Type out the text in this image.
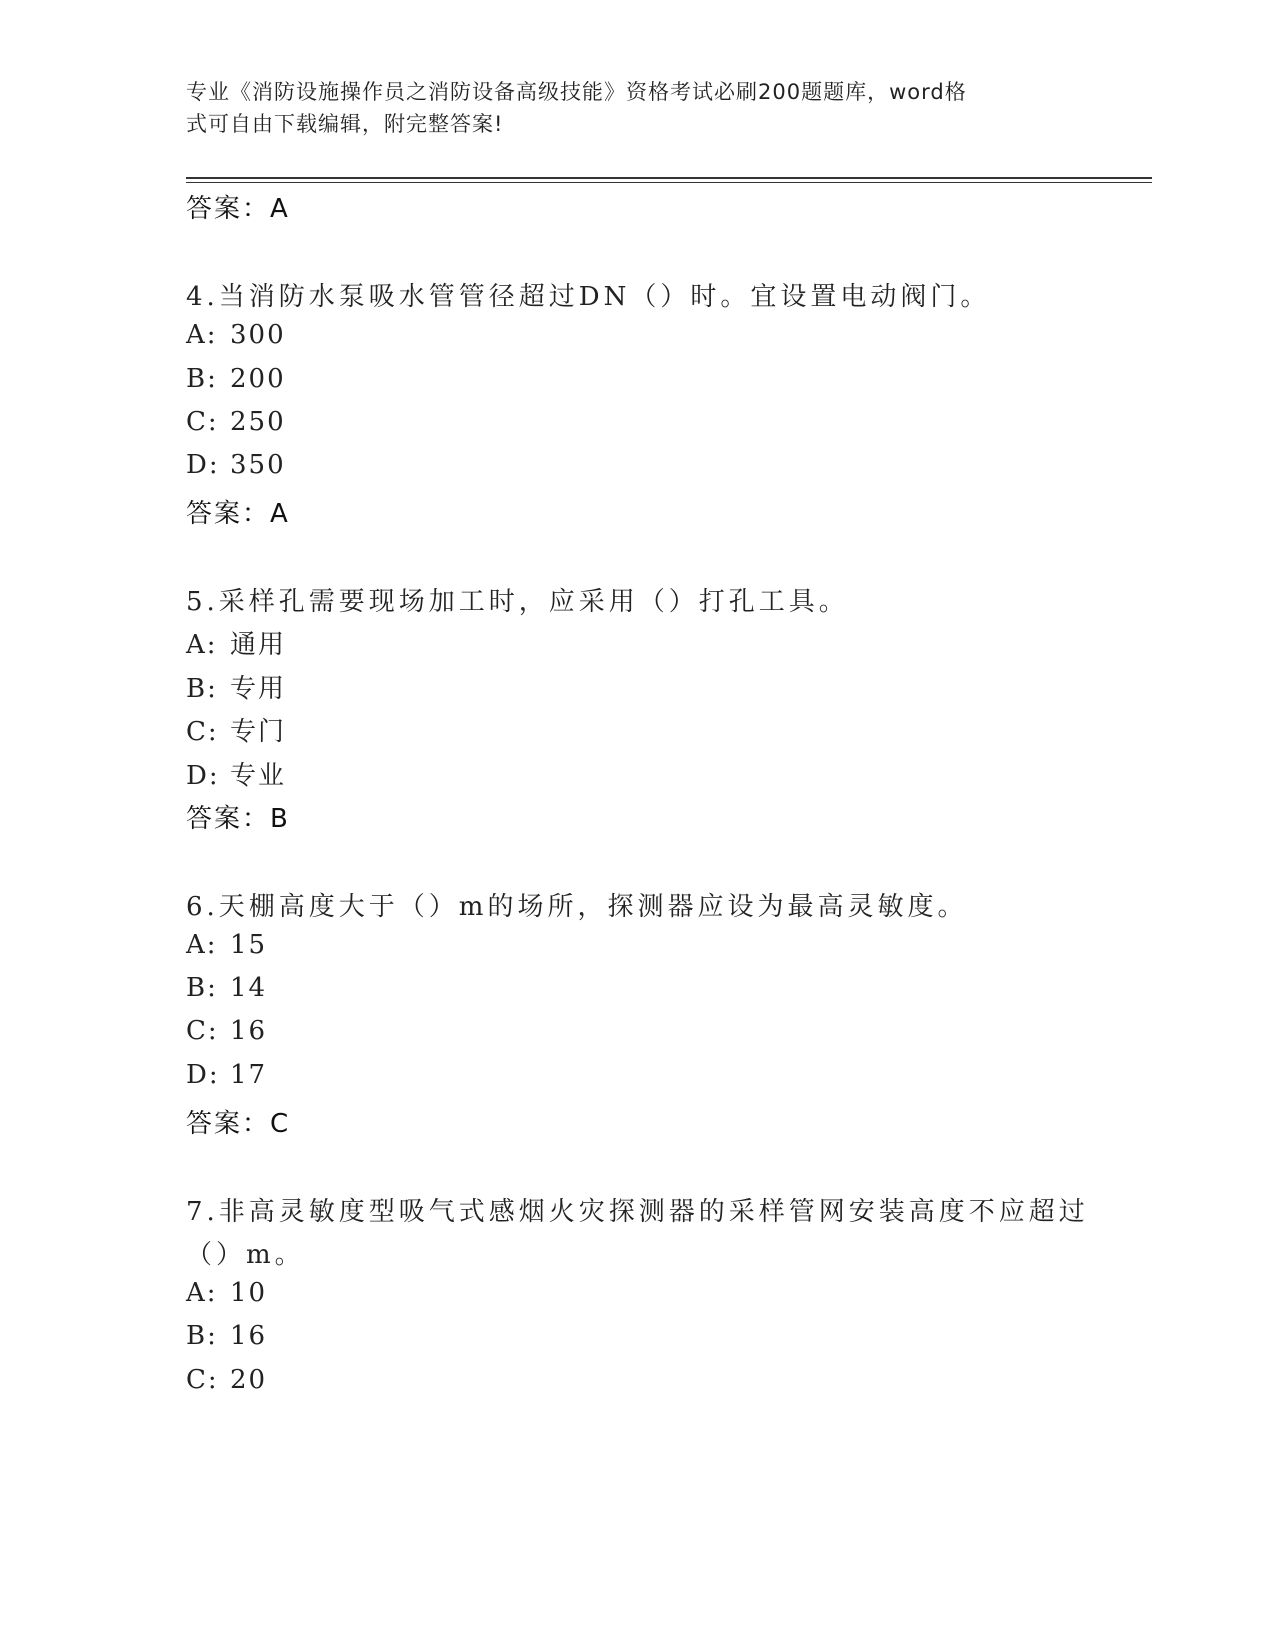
专业《消防设施操作员之消防设备高级技能》资格考试必刷200题题库，word格
式可自由下载编辑，附完整答案!
答案：A
4.当消防水泵吸水管管径超过DN（）时。宜设置电动阀门。
A: 300
B: 200
C: 250
D: 350
答案：A
5.采样孔需要现场加工时，应采用（）打孔工具。
A: 通用
B: 专用
C: 专门
D: 专业
答案：B
6.天棚高度大于（）m的场所，探测器应设为最高灵敏度。
A: 15
B: 14
C: 16
D: 17
答案：C
7.非高灵敏度型吸气式感烟火灾探测器的采样管网安装高度不应超过
（）m。
A: 10
B: 16
C: 20
